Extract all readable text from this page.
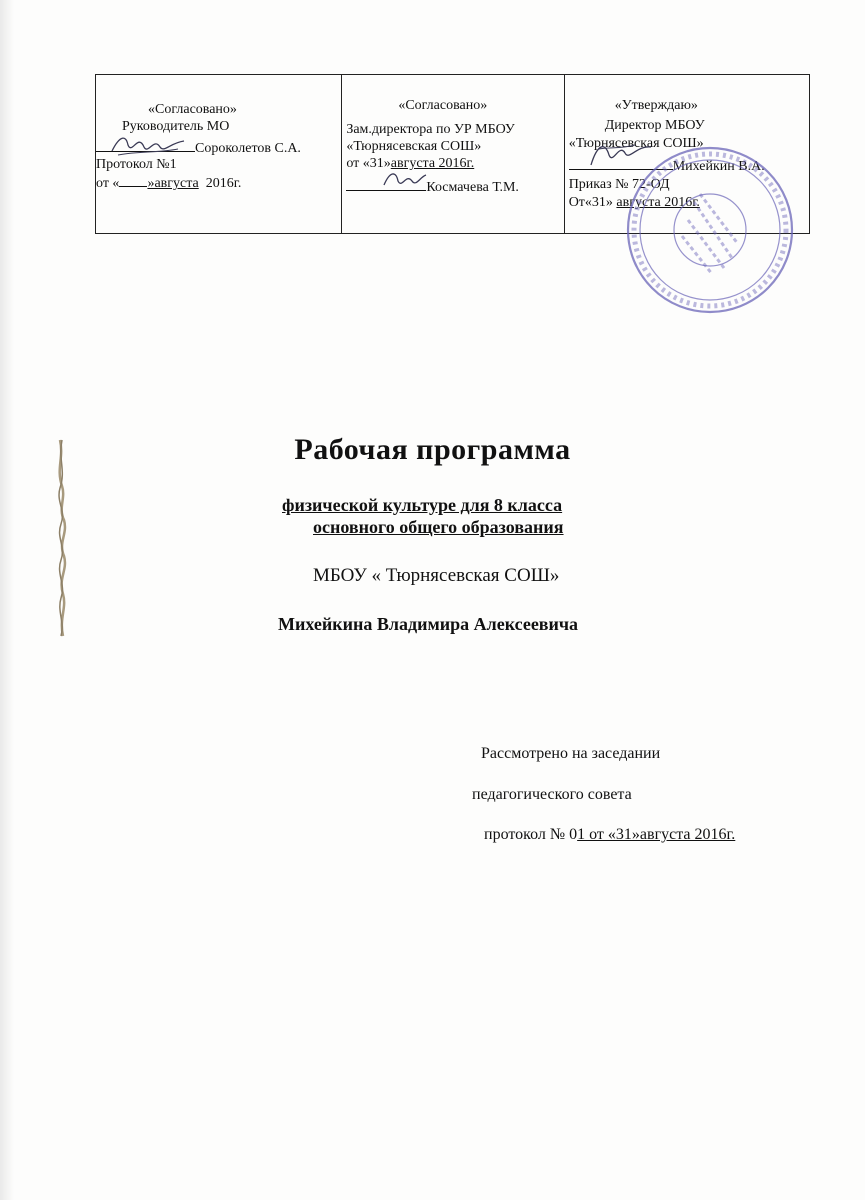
«Согласовано»
Руководитель МО
Сороколетов С.А.
Протокол №1
от « »августа 2016г.
«Согласовано»
Зам.директора по УР МБОУ
«Тюрнясевская СОШ»
от «31»августа 2016г.
Космачева Т.М.
«Утверждаю»
Директор МБОУ
«Тюрнясевская СОШ»
Михейкин В.А.
Приказ № 72-ОД
От«31» августа 2016г.
Рабочая программа
физической культуре для 8 класса
основного общего образования
МБОУ « Тюрнясевская СОШ»
Михейкина Владимира Алексеевича
Рассмотрено на заседании
педагогического совета
протокол № 01 от «31»августа 2016г.
